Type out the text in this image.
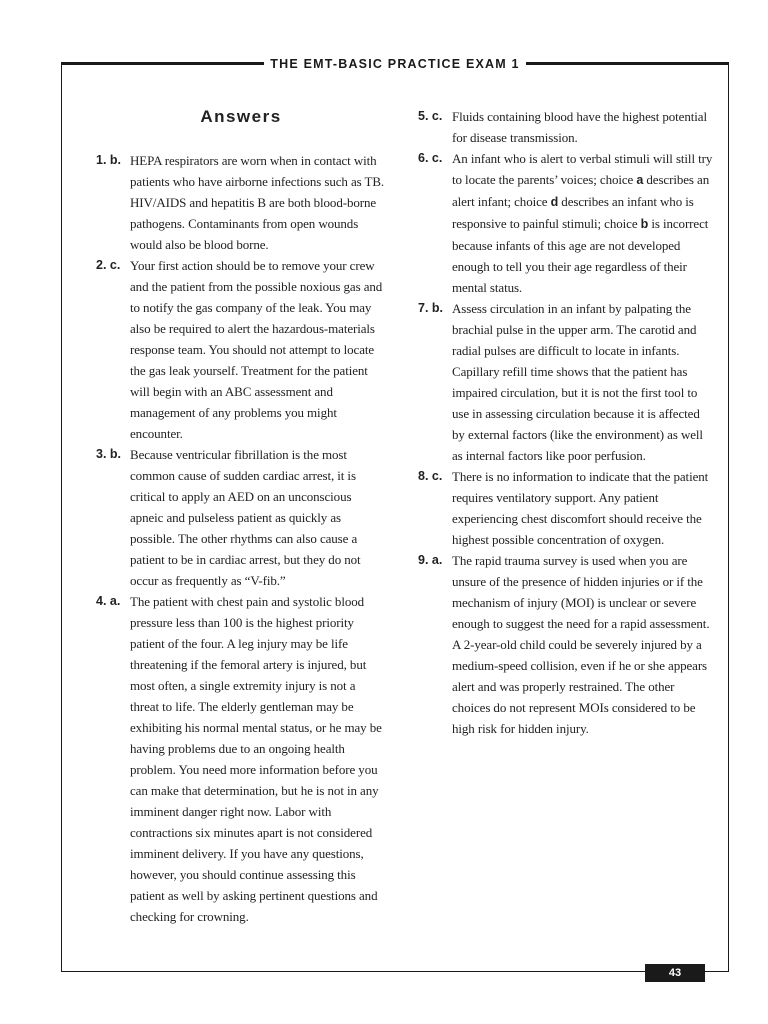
THE EMT-BASIC PRACTICE EXAM 1
Answers
1. b. HEPA respirators are worn when in contact with patients who have airborne infections such as TB. HIV/AIDS and hepatitis B are both blood-borne pathogens. Contaminants from open wounds would also be blood borne.
2. c. Your first action should be to remove your crew and the patient from the possible noxious gas and to notify the gas company of the leak. You may also be required to alert the hazardous-materials response team. You should not attempt to locate the gas leak yourself. Treatment for the patient will begin with an ABC assessment and management of any problems you might encounter.
3. b. Because ventricular fibrillation is the most common cause of sudden cardiac arrest, it is critical to apply an AED on an unconscious apneic and pulseless patient as quickly as possible. The other rhythms can also cause a patient to be in cardiac arrest, but they do not occur as frequently as “V-fib.”
4. a. The patient with chest pain and systolic blood pressure less than 100 is the highest priority patient of the four. A leg injury may be life threatening if the femoral artery is injured, but most often, a single extremity injury is not a threat to life. The elderly gentleman may be exhibiting his normal mental status, or he may be having problems due to an ongoing health problem. You need more information before you can make that determination, but he is not in any imminent danger right now. Labor with contractions six minutes apart is not considered imminent delivery. If you have any questions, however, you should continue assessing this patient as well by asking pertinent questions and checking for crowning.
5. c. Fluids containing blood have the highest potential for disease transmission.
6. c. An infant who is alert to verbal stimuli will still try to locate the parents’ voices; choice a describes an alert infant; choice d describes an infant who is responsive to painful stimuli; choice b is incorrect because infants of this age are not developed enough to tell you their age regardless of their mental status.
7. b. Assess circulation in an infant by palpating the brachial pulse in the upper arm. The carotid and radial pulses are difficult to locate in infants. Capillary refill time shows that the patient has impaired circulation, but it is not the first tool to use in assessing circulation because it is affected by external factors (like the environment) as well as internal factors like poor perfusion.
8. c. There is no information to indicate that the patient requires ventilatory support. Any patient experiencing chest discomfort should receive the highest possible concentration of oxygen.
9. a. The rapid trauma survey is used when you are unsure of the presence of hidden injuries or if the mechanism of injury (MOI) is unclear or severe enough to suggest the need for a rapid assessment. A 2-year-old child could be severely injured by a medium-speed collision, even if he or she appears alert and was properly restrained. The other choices do not represent MOIs considered to be high risk for hidden injury.
43
